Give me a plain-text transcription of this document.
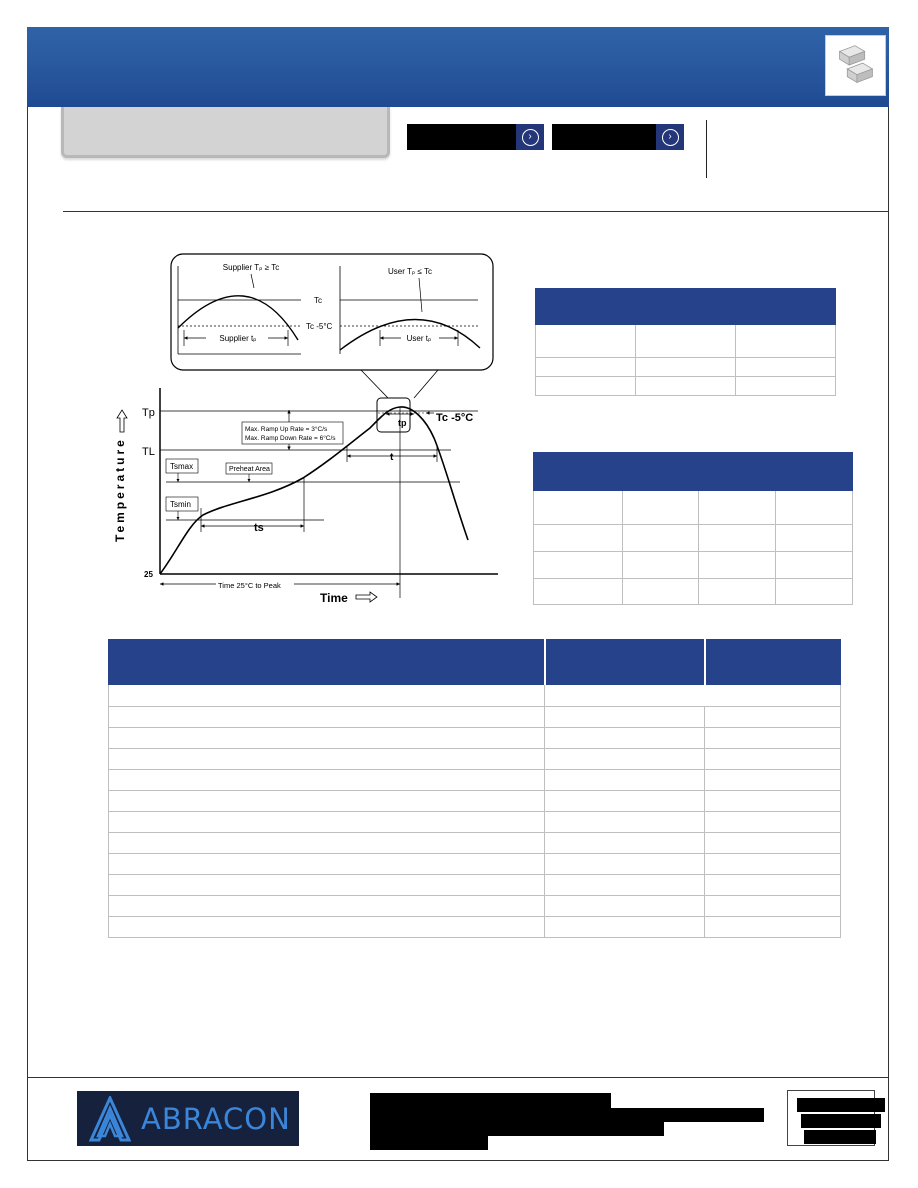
›	›
Supplier tₚ
Supplier Tₚ ≥ Tc
User tₚ
User Tₚ ≤ Tc
Tc
Tc -5°C
Tp
TL
25
Tc -5°C
tp
t
ts
Tsmax
Tsmin
Preheat Area
Max. Ramp Up Rate = 3°C/s
Max. Ramp Down Rate = 6°C/s
Temperature
Time
Time 25°C to Peak

ABRACON
